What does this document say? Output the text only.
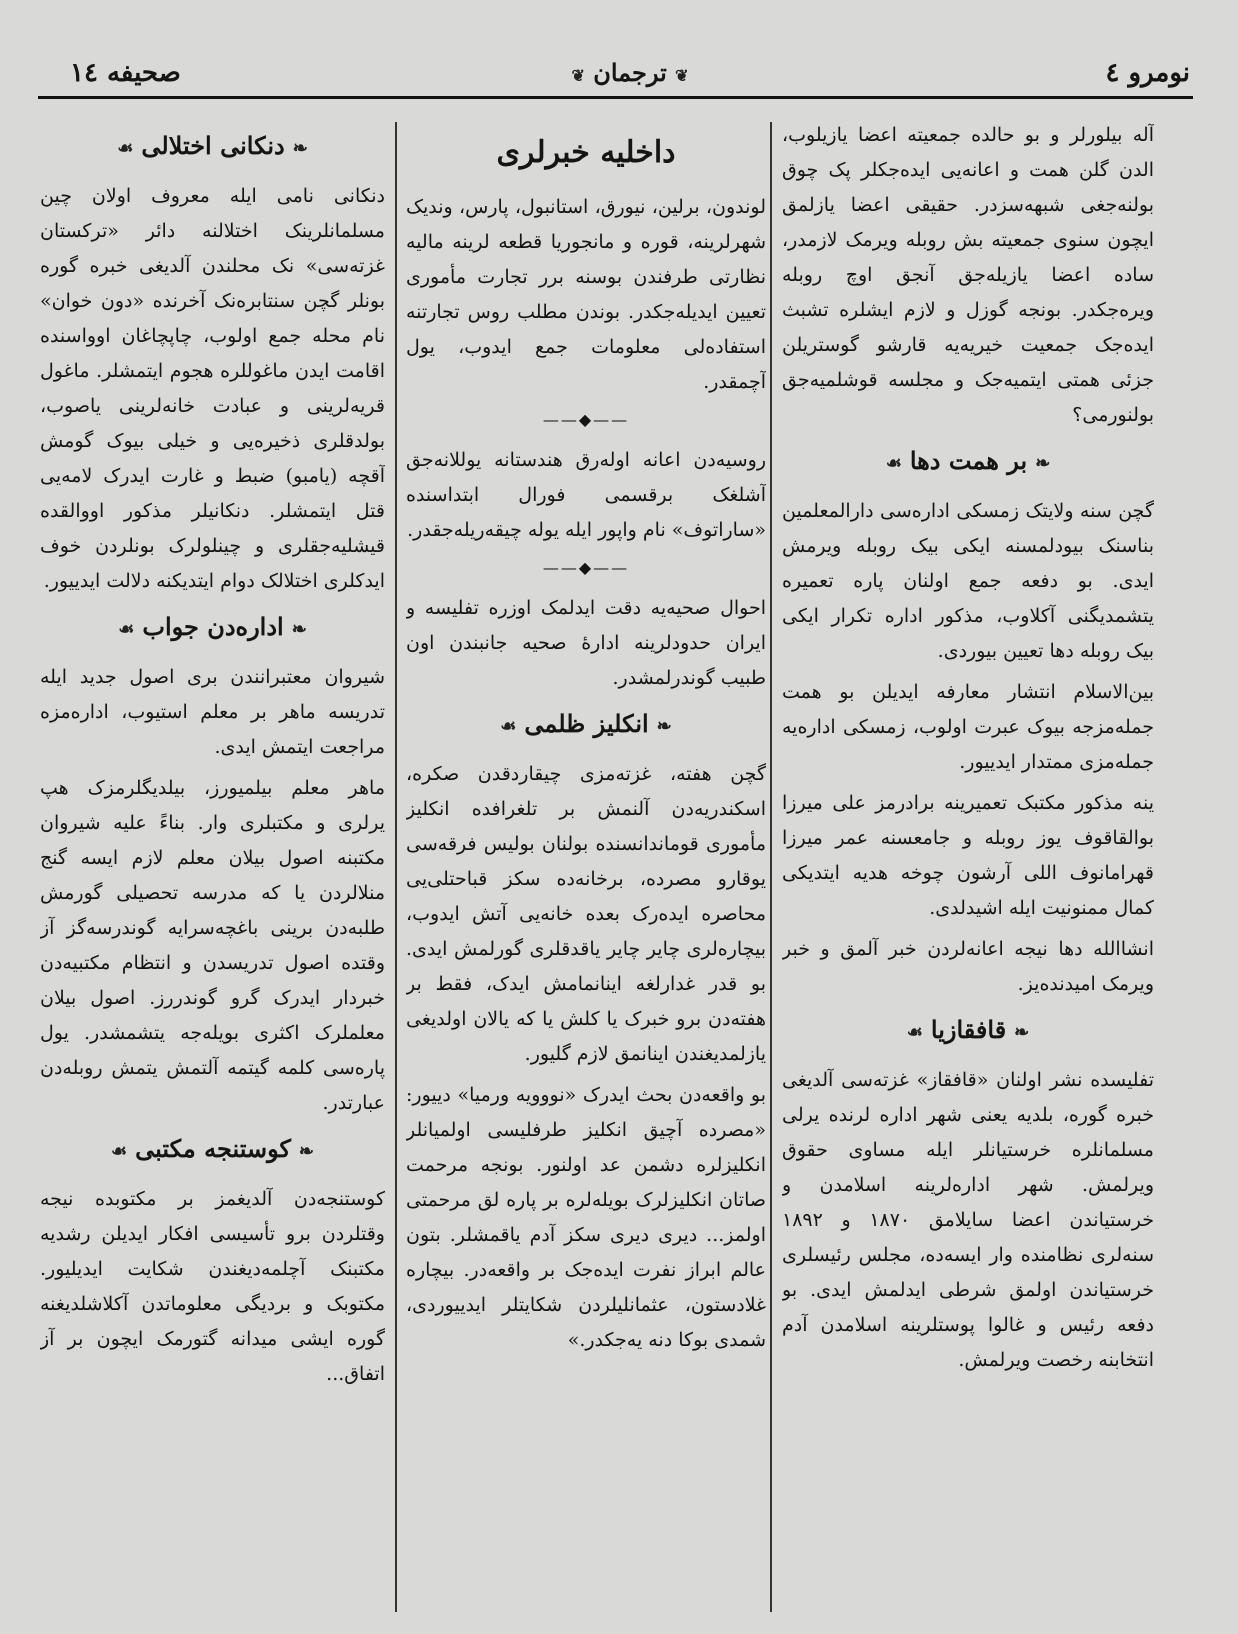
صحیفه ١٤	❦ ترجمان ❦	نومرو ٤

آله بیلورلر و بو حالده جمعیته اعضا یازیلوب، الدن گلن همت و اعانه‌یی ایده‌جکلر پک چوق بولنه‌جغی شبهه‌سزدر. حقیقی اعضا یازلمق ایچون سنوی جمعیته بش روبله ویرمک لازمدر، ساده اعضا یازیله‌جق آنجق اوچ روبله ویره‌جکدر. بونجه گوزل و لازم ایشلره تشبث ایده‌جک جمعیت خیریه‌یه قارشو گوستریلن جزئی همتی ایتمیه‌جک و مجلسه قوشلمیه‌جق بولنورمی؟

❧بر همت دها☙

گچن سنه ولایتک زمسکی اداره‌سی دارالمعلمین بناسنک بیودلمسنه ایکی بیک روبله ویرمش ایدی. بو دفعه جمع اولنان پاره تعمیره یتشمدیگنی آکلاوب، مذکور اداره تکرار ایکی بیک روبله دها تعیین بیوردی.

بین‌الاسلام انتشار معارفه ایدیلن بو همت جمله‌مزجه بیوک عبرت اولوب، زمسکی اداره‌یه جمله‌مزی ممتدار ایدییور.

ینه مذکور مکتبک تعمیرینه برادرمز علی میرزا بوالقاقوف یوز روبله و جامعسنه عمر میرزا قهرامانوف اللی آرشون چوخه هدیه ایتدیکی کمال ممنونیت ایله اشیدلدی.

انشاالله دها نیجه اعانه‌لردن خبر آلمق و خبر ویرمک امیدنده‌یز.

❧قافقازیا☙

تفلیسده نشر اولنان «قافقاز» غزته‌سی آلدیغی خبره گوره، بلدیه یعنی شهر اداره لرنده یرلی مسلمانلره خرستیانلر ایله مساوی حقوق ویرلمش. شهر اداره‌لرینه اسلامدن و خرستیاندن اعضا سایلامق ١٨٧٠ و ١٨٩٢ سنه‌لری نظامنده وار ایسه‌ده، مجلس رئیسلری خرستیاندن اولمق شرطی ایدلمش ایدی. بو دفعه رئیس و غالوا پوستلرینه اسلامدن آدم انتخابنه رخصت ویرلمش.

داخلیه خبرلری

لوندون، برلین، نیورق، استانبول، پارس، وندیک شهرلرینه، قوره و مانجوریا قطعه لرینه مالیه نظارتی طرفندن بوسنه برر تجارت مأموری تعیین ایدیله‌جکدر. بوندن مطلب روس تجارتنه استفاده‌لی معلومات جمع ایدوب، یول آچمقدر.

——◆——

روسیه‌دن اعانه اولەرق هندستانه یوللانه‌جق آشلغک برقسمی فورال ابتداسنده «ساراتوف» نام واپور ایله یوله چیقه‌ریله‌جقدر.

——◆——

احوال صحیه‌یه دقت ایدلمک اوزره تفلیسه و ایران حدودلرینه ادارهٔ صحیه جانبندن اون طبیب گوندرلمشدر.

❧انکلیز ظلمی☙

گچن هفته، غزته‌مزی چیقاردقدن صکره، اسکندریه‌دن آلنمش بر تلغرافده انکلیز مأموری قوماندانسنده بولنان بولیس فرقه‌سی یوقارو مصرده، برخانه‌ده سکز قباحتلی‌یی محاصره ایده‌رک بعده خانه‌یی آتش ایدوب، بیچاره‌لری چایر چایر یاقدقلری گورلمش ایدی. بو قدر غدارلغه اینانمامش ایدک، فقط بر هفته‌دن برو خبرک یا کلش یا که یالان اولدیغی یازلمدیغندن اینانمق لازم گلیور.

بو واقعه‌دن بحث ایدرک «نوو‌ویه ورمیا» دییور: «مصرده آچیق انکلیز طرفلیسی اولمیانلر انکلیزلره دشمن عد اولنور. بونجه مرحمت صاتان انکلیزلرک بویله‌لره بر پاره لق مرحمتی اولمز... دیری دیری سکز آدم یاقمشلر. بتون عالم ابراز نفرت ایده‌جک بر واقعه‌در. بیچاره غلادستون، عثمانلیلردن شکایتلر ایدییوردی، شمدی بوکا دنه یه‌جکدر.»

❧دنکانی اختلالی☙

دنکانی نامی ایله معروف اولان چین مسلمانلرینک اختلالنه دائر «ترکستان غزته‌سی» نک محلندن آلدیغی خبره گوره بونلر گچن سنتابرەنک آخرنده «دون خوان» نام محله جمع اولوب، چاپچاغان اوواسنده اقامت ایدن ماغوللره هجوم ایتمشلر. ماغول قریه‌لرینی و عبادت خانه‌لرینی یاصوب، بولدقلری ذخیره‌یی و خیلی بیوک گومش آقچه (یامبو) ضبط و غارت ایدرک لامه‌یی قتل ایتمشلر. دنکانیلر مذکور اووالقده قیشلیه‌جقلری و چینلولرک بونلردن خوف ایدکلری اختلالک دوام ایتدیکنه دلالت ایدییور.

❧اداره‌دن جواب☙

شیروان معتبرانندن بری اصول جدید ایله تدریسه ماهر بر معلم استیوب، اداره‌مزه مراجعت ایتمش ایدی.

ماهر معلم بیلمیورز، بیلدیگلرمزک هپ یرلری و مکتبلری وار. بناءً علیه شیروان مکتبنه اصول بیلان معلم لازم ایسه گنج منلالردن یا که مدرسه تحصیلی گورمش طلبه‌دن برینی باغچه‌سرایه گوندرسه‌گز آز وقتده اصول تدریسدن و انتظام مکتبیه‌دن خبردار ایدرک گرو گوندررز. اصول بیلان معلملرک اکثری بویله‌جه یتشمشدر. یول پاره‌سی کلمه گیتمه آلتمش یتمش روبله‌دن عبارتدر.

❧کوستنجه مکتبی☙

کوستنجه‌دن آلدیغمز بر مکتوبده نیجه وقتلردن برو تأسیسی افکار ایدیلن رشدیه مکتبنک آچلمه‌دیغندن شکایت ایدیلیور. مکتوبک و بردیگی معلوماتدن آکلاشلدیغنه گوره ایشی میدانه گتورمک ایچون بر آز اتفاق...
